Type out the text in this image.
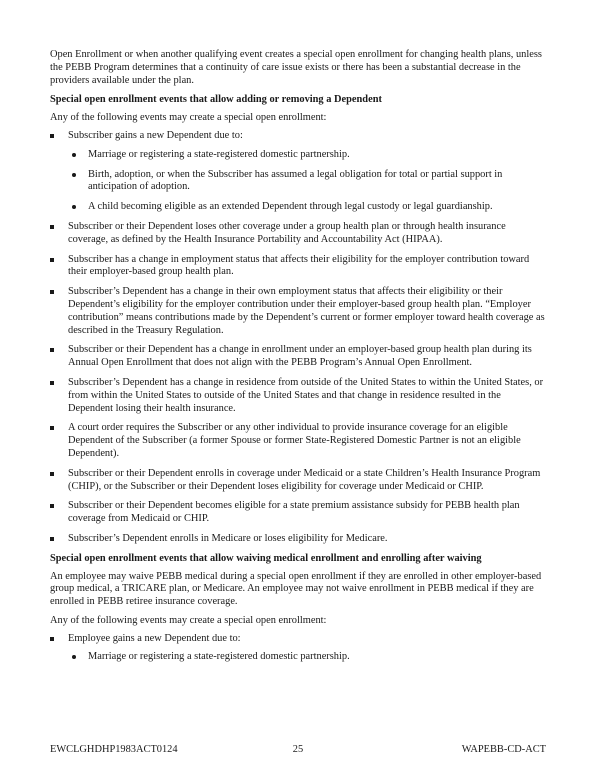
Open Enrollment or when another qualifying event creates a special open enrollment for changing health plans, unless the PEBB Program determines that a continuity of care issue exists or there has been a substantial decrease in the providers available under the plan.

Special open enrollment events that allow adding or removing a Dependent

Any of the following events may create a special open enrollment:

Subscriber gains a new Dependent due to:
Marriage or registering a state-registered domestic partnership.
Birth, adoption, or when the Subscriber has assumed a legal obligation for total or partial support in anticipation of adoption.
A child becoming eligible as an extended Dependent through legal custody or legal guardianship.
Subscriber or their Dependent loses other coverage under a group health plan or through health insurance coverage, as defined by the Health Insurance Portability and Accountability Act (HIPAA).
Subscriber has a change in employment status that affects their eligibility for the employer contribution toward their employer-based group health plan.
Subscriber’s Dependent has a change in their own employment status that affects their eligibility or their Dependent’s eligibility for the employer contribution under their employer-based group health plan. “Employer contribution” means contributions made by the Dependent’s current or former employer toward health coverage as described in the Treasury Regulation.
Subscriber or their Dependent has a change in enrollment under an employer-based group health plan during its Annual Open Enrollment that does not align with the PEBB Program’s Annual Open Enrollment.
Subscriber’s Dependent has a change in residence from outside of the United States to within the United States, or from within the United States to outside of the United States and that change in residence resulted in the Dependent losing their health insurance.
A court order requires the Subscriber or any other individual to provide insurance coverage for an eligible Dependent of the Subscriber (a former Spouse or former State-Registered Domestic Partner is not an eligible Dependent).
Subscriber or their Dependent enrolls in coverage under Medicaid or a state Children’s Health Insurance Program (CHIP), or the Subscriber or their Dependent loses eligibility for coverage under Medicaid or CHIP.
Subscriber or their Dependent becomes eligible for a state premium assistance subsidy for PEBB health plan coverage from Medicaid or CHIP.
Subscriber’s Dependent enrolls in Medicare or loses eligibility for Medicare.

Special open enrollment events that allow waiving medical enrollment and enrolling after waiving

An employee may waive PEBB medical during a special open enrollment if they are enrolled in other employer-based group medical, a TRICARE plan, or Medicare. An employee may not waive enrollment in PEBB medical if they are enrolled in PEBB retiree insurance coverage.

Any of the following events may create a special open enrollment:

Employee gains a new Dependent due to:
Marriage or registering a state-registered domestic partnership.
EWCLGHDHP1983ACT0124	25	WAPEBB-CD-ACT
